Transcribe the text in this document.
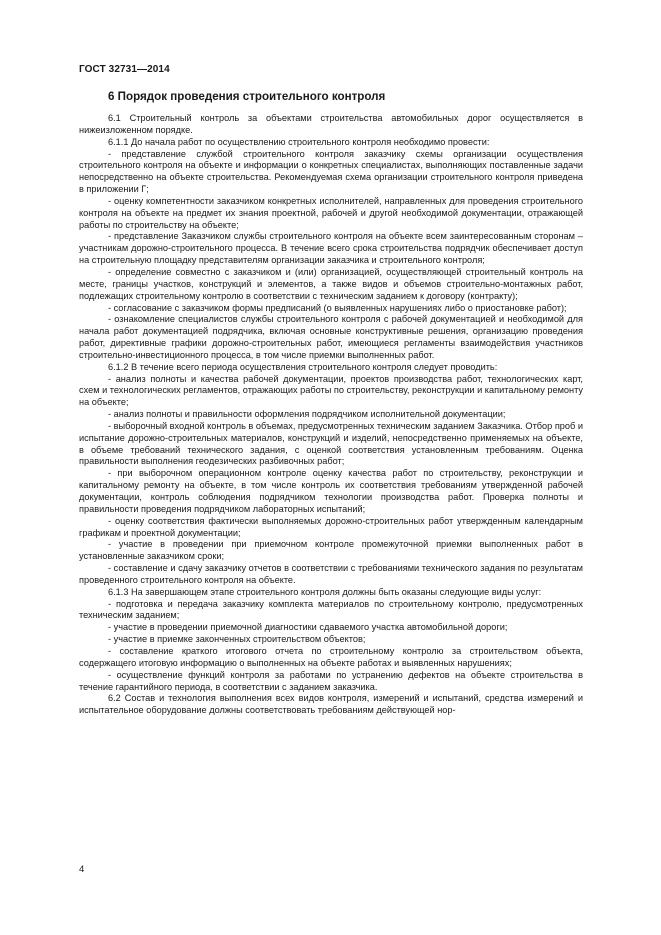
ГОСТ 32731—2014
6 Порядок проведения строительного контроля

6.1 Строительный контроль за объектами строительства автомобильных дорог осуществляется в нижеизложенном порядке.

6.1.1 До начала работ по осуществлению строительного контроля необходимо провести:

- представление службой строительного контроля заказчику схемы организации осуществления строительного контроля на объекте и информации о конкретных специалистах, выполняющих поставленные задачи непосредственно на объекте строительства. Рекомендуемая схема организации строительного контроля приведена в приложении Г;

- оценку компетентности заказчиком конкретных исполнителей, направленных для проведения строительного контроля на объекте на предмет их знания проектной, рабочей и другой необходимой документации, отражающей работы по строительству на объекте;

- представление Заказчиком службы строительного контроля на объекте всем заинтересованным сторонам – участникам дорожно-строительного процесса. В течение всего срока строительства подрядчик обеспечивает доступ на строительную площадку представителям организации заказчика и строительного контроля;

- определение совместно с заказчиком и (или) организацией, осуществляющей строительный контроль на месте, границы участков, конструкций и элементов, а также видов и объемов строительно-монтажных работ, подлежащих строительному контролю в соответствии с техническим заданием к договору (контракту);

- согласование с заказчиком формы предписаний (о выявленных нарушениях либо о приостановке работ);

- ознакомление специалистов службы строительного контроля с рабочей документацией и необходимой для начала работ документацией подрядчика, включая основные конструктивные решения, организацию проведения работ, директивные графики дорожно-строительных работ, имеющиеся регламенты взаимодействия участников строительно-инвестиционного процесса, в том числе приемки выполненных работ.

6.1.2 В течение всего периода осуществления строительного контроля следует проводить:

- анализ полноты и качества рабочей документации, проектов производства работ, технологических карт, схем и технологических регламентов, отражающих работы по строительству, реконструкции и капитальному ремонту на объекте;

- анализ полноты и правильности оформления подрядчиком исполнительной документации;

- выборочный входной контроль в объемах, предусмотренных техническим заданием Заказчика. Отбор проб и испытание дорожно-строительных материалов, конструкций и изделий, непосредственно применяемых на объекте, в объеме требований технического задания, с оценкой соответствия установленным требованиям. Оценка правильности выполнения геодезических разбивочных работ;

- при выборочном операционном контроле оценку качества работ по строительству, реконструкции и капитальному ремонту на объекте, в том числе контроль их соответствия требованиям утвержденной рабочей документации, контроль соблюдения подрядчиком технологии производства работ. Проверка полноты и правильности проведения подрядчиком лабораторных испытаний;

- оценку соответствия фактически выполняемых дорожно-строительных работ утвержденным календарным графикам и проектной документации;

- участие в проведении при приемочном контроле промежуточной приемки выполненных работ в установленные заказчиком сроки;

- составление и сдачу заказчику отчетов в соответствии с требованиями технического задания по результатам проведенного строительного контроля на объекте.

6.1.3 На завершающем этапе строительного контроля должны быть оказаны следующие виды услуг:

- подготовка и передача заказчику комплекта материалов по строительному контролю, предусмотренных техническим заданием;

- участие в проведении приемочной диагностики сдаваемого участка автомобильной дороги;

- участие в приемке законченных строительством объектов;

- составление краткого итогового отчета по строительному контролю за строительством объекта, содержащего итоговую информацию о выполненных на объекте работах и выявленных нарушениях;

- осуществление функций контроля за работами по устранению дефектов на объекте строительства в течение гарантийного периода, в соответствии с заданием заказчика.

6.2 Состав и технология выполнения всех видов контроля, измерений и испытаний, средства измерений и испытательное оборудование должны соответствовать требованиям действующей нор-

4
